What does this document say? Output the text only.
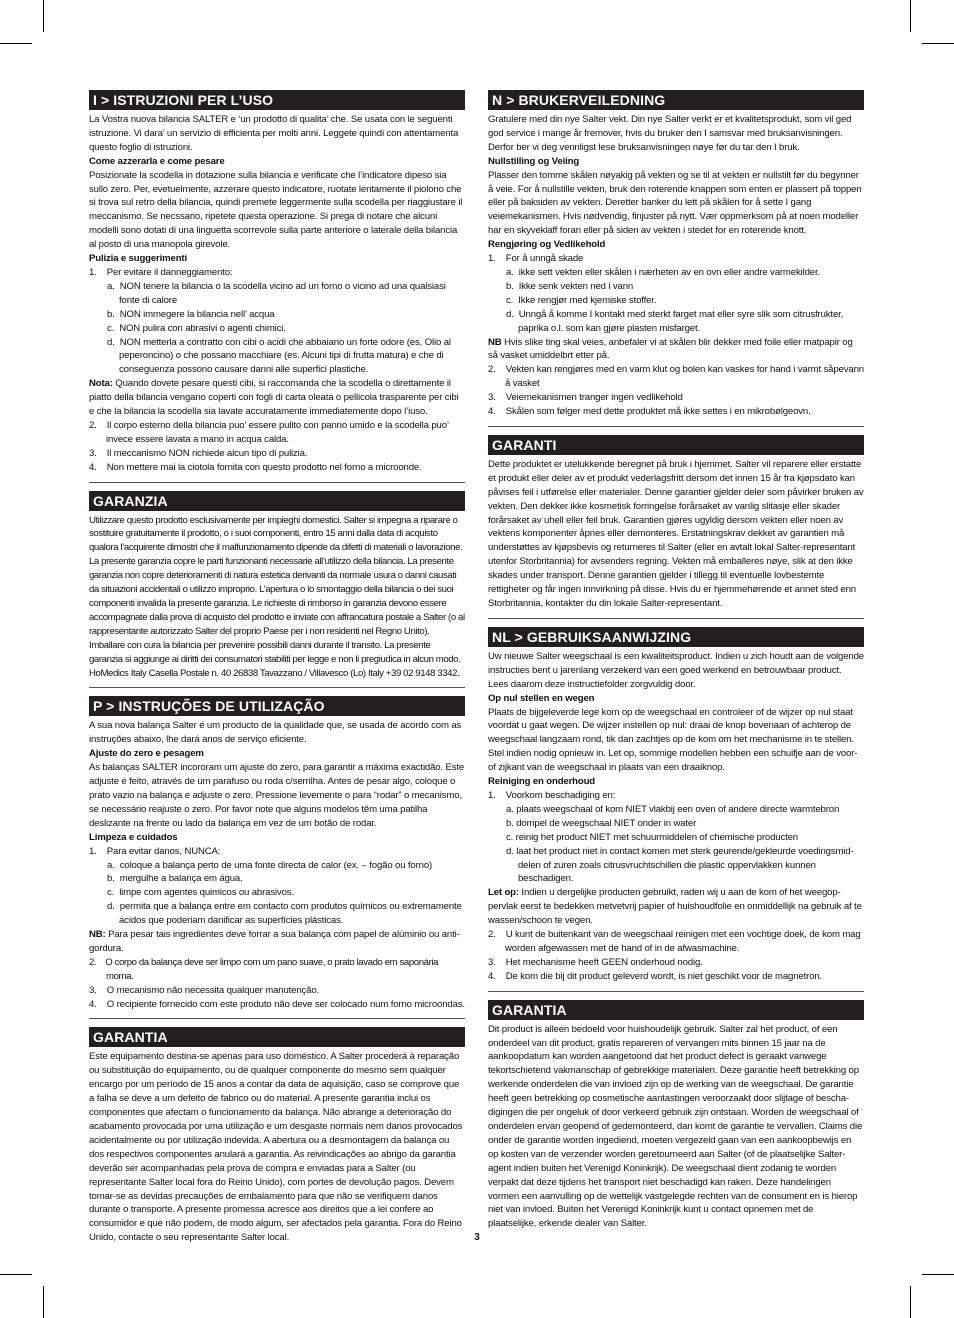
I > ISTRUZIONI PER L’USO

La Vostra nuova bilancia SALTER e ‘un prodotto di qualita’ che. Se usata con le seguenti istruzione. Vi dara’ un servizio di efficienta per molti anni. Leggete quindi con attentamenta questo foglio di istruzioni.

Come azzerarla e come pesare

Posizionate la scodella in dotazione sulla bilancia e verificate che l’indicatore dipeso sia sullo zero. Per, evetuelmente, azzerare questo indicatore, ruotate lentamente il piolono che si trova sul retro della bilancia, quindi premete leggermente sulla scodella per riaggiustare il meccanismo. Se necssario, ripetete questa operazione. Si prega di notare che alcuni modelli sono dotati di una linguetta scorrevole sulla parte anteriore o laterale della bilancia al posto di una manopola girevole.

Pulizia e suggerimenti

1.    Per evitare il danneggiamento:

a.  NON tenere la bilancia o la scodella vicino ad un forno o vicino ad una qualsiasi fonte di calore

b.  NON immegere la bilancia nell’ acqua

c.  NON pulira con abrasivi o agenti chimici.

d.  NON metterla a contratto con cibi o acidi che abbaiano un forte odore (es. Olio al peperoncino) o che possano macchiare (es. Alcuni tipi di frutta matura) e che di conseguenza possono causare danni alle superfici plastiche.

Nota: Quando dovete pesare questi cibi, si raccomanda che la scodella o direttamente il piatto della bilancia vengano coperti con fogli di carta oleata o pellicola trasparente per cibi e che la bilancia la scodella sia lavate accuratamente immediatemente dopo l’iuso.

2.    Il corpo esterno della bilancia puo’ essere pulito con panno umido e la scodella puo’ invece essere lavata a mano in acqua calda.

3.    Il meccanismo NON richiede alcun tipo di pulizia.

4.    Non mettere mai la ciotola fornita con questo prodotto nel forno a microonde.

GARANZIA

Utilizzare questo prodotto esclusivamente per impieghi domestici. Salter si impegna a riparare o sostituire gratuitamente il prodotto, o i suoi componenti, entro 15 anni dalla data di acquisto qualora l’acquirente dimostri che il malfunzionamento dipende da difetti di materiali o lavorazione. La presente garanzia copre le parti funzionanti necessarie all’utilizzo della bilancia. La presente garanzia non copre deterioramenti di natura estetica derivanti da normale usura o danni causati da situazioni accidentali o utilizzo improprio. L’apertura o lo smontaggio della bilancia o dei suoi componenti invalida la presente garanzia. Le richieste di rimborso in garanzia devono essere accompagnate dalla prova di acquisto del prodotto e inviate con affrancatura postale a Salter (o al rappresentante autorizzato Salter del proprio Paese per i non residenti nel Regno Unito). Imballare con cura la bilancia per prevenire possibili danni durante il transito. La presente garanzia si aggiunge ai diritti dei consumatori stabiliti per legge e non li pregiudica in alcun modo. HoMedics Italy Casella Postale n. 40 26838 Tavazzano / Villavesco (Lo) Italy +39 02 9148 3342.

P > INSTRUÇÕES DE UTILIZAÇÃO

A sua nova balança Salter é um producto de la qualidade que, se usada de acordo com as instruções abaixo, lhe dará anos de serviço eficiente.

Ajuste do zero e pesagem

As balanças SALTER incororam um ajuste do zero, para garantir a máxima exactidão. Este adjuste é feito, através de um parafuso ou roda c/serrilha. Antes de pesar algo, coloque o prato vazio na balança e adjuste o zero. Pressione levemente o para “rodar” o mecanismo, se necessário reajuste o zero. Por favor note que alguns modelos têm uma patilha deslizante na frente ou lado da balança em vez de um botão de rodar.

Limpeza e cuidados

1.    Para evitar danos, NUNCA:

a.  coloque a balança perto de uma fonte directa de calor (ex. – fogão ou forno)

b.  mergulhe a balança em água.

c.  limpe com agentes quimicos ou abrasivos.

d.  permita que a balança entre em contacto com produtos químicos ou extremamente ácidos que poderiam danificar as superfícies plásticas.

NB: Para pesar tais ingredientes deve forrar a sua balança com papel de alúminio ou anti-gordura.

2.    O corpo da balança deve ser limpo com um pano suave, o prato lavado em saponária morna.

3.    O mecanismo não necessita qualquer manutenção.

4.    O recipiente fornecido com este produto não deve ser colocado num forno microondas.

GARANTIA

Este equipamento destina-se apenas para uso doméstico. A Salter procederá à reparação ou substituição do equipamento, ou de qualquer componente do mesmo sem qualquer encargo por um período de 15 anos a contar da data de aquisição, caso se comprove que a falha se deve a um defeito de fabrico ou do material. A presente garantia inclui os componentes que afectam o funcionamento da balança. Não abrange a deterioração do acabamento provocada por uma utilização e um desgaste normais nem danos provocados acidentalmente ou por utilização indevida. A abertura ou a desmontagem da balança ou dos respectivos componentes anulará a garantia. As reivindicações ao abrigo da garantia deverão ser acompanhadas pela prova de compra e enviadas para a Salter (ou representante Salter local fora do Reino Unido), com portes de devolução pagos. Devem tomar-se as devidas precauções de embalamento para que não se verifiquem danos durante o transporte. A presente promessa acresce aos direitos que a lei confere ao consumidor e que não podem, de modo algum, ser afectados pela garantia. Fora do Reino Unido, contacte o seu representante Salter local.

N > BRUKERVEILEDNING

Gratulere med din nye Salter vekt. Din nye Salter verkt er et kvalitetsprodukt, som vil ged god service i mange år fremover, hvis du bruker den I samsvar med bruksanvisningen. Derfor ber vi deg vennligst lese bruksanvisningen nøye før du tar den I bruk.

Nullstilling og Veiing

Plasser den tomme skålen nøyakig på vekten og se til at vekten er nullstilt før du begynner å veie. For å nullstille vekten, bruk den roterende knappen som enten er plassert på toppen eller på baksiden av vekten. Deretter banker du lett på skålen for å sette I gang veiemekanismen. Hvis nødvendig, finjuster på nytt. Vær oppmerksom på at noen modeller har en skyveklaff foran eller på siden av vekten i stedet for en roterende knott.

Rengjøring og Vedlikehold

1.    For å unngå skade

a.  ikke sett vekten eller skålen i nærheten av en ovn eller andre varmekilder.

b.  Ikke senk vekten ned i vann

c.  Ikke rengjør med kjemiske stoffer.

d.  Unngå å komme I kontakt med sterkt farget mat eller syre slik som citrusfrukter, paprika o.l. som kan gjøre plasten misfarget.

NB Hvis slike ting skal veies, anbefaler vi at skålen blir dekker med foile eller matpapir og så vasket umiddelbrt etter på.

2.    Vekten kan rengjøres med en varm klut og bolen kan vaskes for hand i varmt såpevann å vasket

3.    Veiemekanismen tranger ingen vedlikehold

4.    Skålen som følger med dette produktet må ikke settes i en mikrobølgeovn.

GARANTI

Dette produktet er utelukkende beregnet på bruk i hjemmet. Salter vil reparere eller erstatte et produkt eller deler av et produkt vederlagsfritt dersom det innen 15 år fra kjøpsdato kan påvises feil i utførelse eller materialer. Denne garantier gjelder deler som påvirker bruken av vekten. Den dekker ikke kosmetisk forringelse forårsaket av vanlig slitasje eller skader forårsaket av uhell eller feil bruk. Garantien gjøres ugyldig dersom vekten eller noen av vektens komponenter åpnes eller demonteres. Erstatningskrav dekket av garantien må understøttes av kjøpsbevis og returneres til Salter (eller en avtalt lokal Salter-representant utenfor Storbritannia) for avsenders regning. Vekten må emballeres nøye, slik at den ikke skades under transport. Denne garantien gjelder i tillegg til eventuelle lovbestemte rettigheter og får ingen innvirkning på disse. Hvis du er hjemmehørende et annet sted enn Storbritannia, kontakter du din lokale Salter-representant.

NL > GEBRUIKSAANWIJZING

Uw nieuwe Salter weegschaal is een kwaliteitsproduct. Indien u zich houdt aan de volgende instructies bent u jarenlang verzekerd van een goed werkend en betrouwbaar product. Lees daarom deze instructiefolder zorgvuldig door.

Op nul stellen en wegen

Plaats de bijgeleverde lege kom op de weegschaal en controleer of de wijzer op nul staat voordat u gaat wegen. De wijzer instellen op nul: draai de knop bovenaan of achterop de weegschaal langzaam rond, tik dan zachtjes op de kom om het mechanisme in te stellen. Stel indien nodig opnieuw in. Let op, sommige modellen hebben een schuifje aan de voor- of zijkant van de weegschaal in plaats van een draaiknop.

Reiniging en onderhoud

1.    Voorkom beschadiging en:

a. plaats weegschaal of kom NIET vlakbij een oven of andere directe warmtebron

b. dompel de weegschaal NIET onder in water

c. reinig het product NIET met schuurmiddelen of chemische producten

d. laat het product niet in contact komen met sterk geurende/gekleurde voedingsmid-delen of zuren zoals citrusvruchtschillen die plastic oppervlakken kunnen beschadigen.

Let op: Indien u dergelijke producten gebruikt, raden wij u aan de kom of het weegop-pervlak eerst te bedekken metvetvrij papier of huishoudfolie en onmiddellijk na gebruik af te wassen/schoon te vegen.

2.    U kunt de buitenkant van de weegschaal reinigen met een vochtige doek, de kom mag worden afgewassen met de hand of in de afwasmachine.

3.    Het mechanisme heeft GEEN onderhoud nodig.

4.    De kom die bij dit product geleverd wordt, is niet geschikt voor de magnetron.

GARANTIA

Dit product is alleen bedoeld voor huishoudelijk gebruik. Salter zal het product, of een onderdeel van dit product, gratis repareren of vervangen mits binnen 15 jaar na de aankoopdatum kan worden aangetoond dat het product defect is geraakt vanwege tekortschietend vakmanschap of gebrekkige materialen. Deze garantie heeft betrekking op werkende onderdelen die van invloed zijn op de werking van de weegschaal. De garantie heeft geen betrekking op cosmetische aantastingen veroorzaakt door slijtage of bescha-digingen die per ongeluk of door verkeerd gebruik zijn ontstaan. Worden de weegschaal of onderdelen ervan geopend of gedemonteerd, dan komt de garantie te vervallen. Claims die onder de garantie worden ingediend, moeten vergezeld gaan van een aankoopbewijs en op kosten van de verzender worden geretourneerd aan Salter (of de plaatselijke Salter-agent indien buiten het Verenigd Koninkrijk). De weegschaal dient zodanig te worden verpakt dat deze tijdens het transport niet beschadigd kan raken. Deze handelingen vormen een aanvulling op de wettelijk vastgelegde rechten van de consument en is hierop niet van invloed. Buiten het Verenigd Koninkrijk kunt u contact opnemen met de plaatselijke, erkende dealer van Salter.

3
